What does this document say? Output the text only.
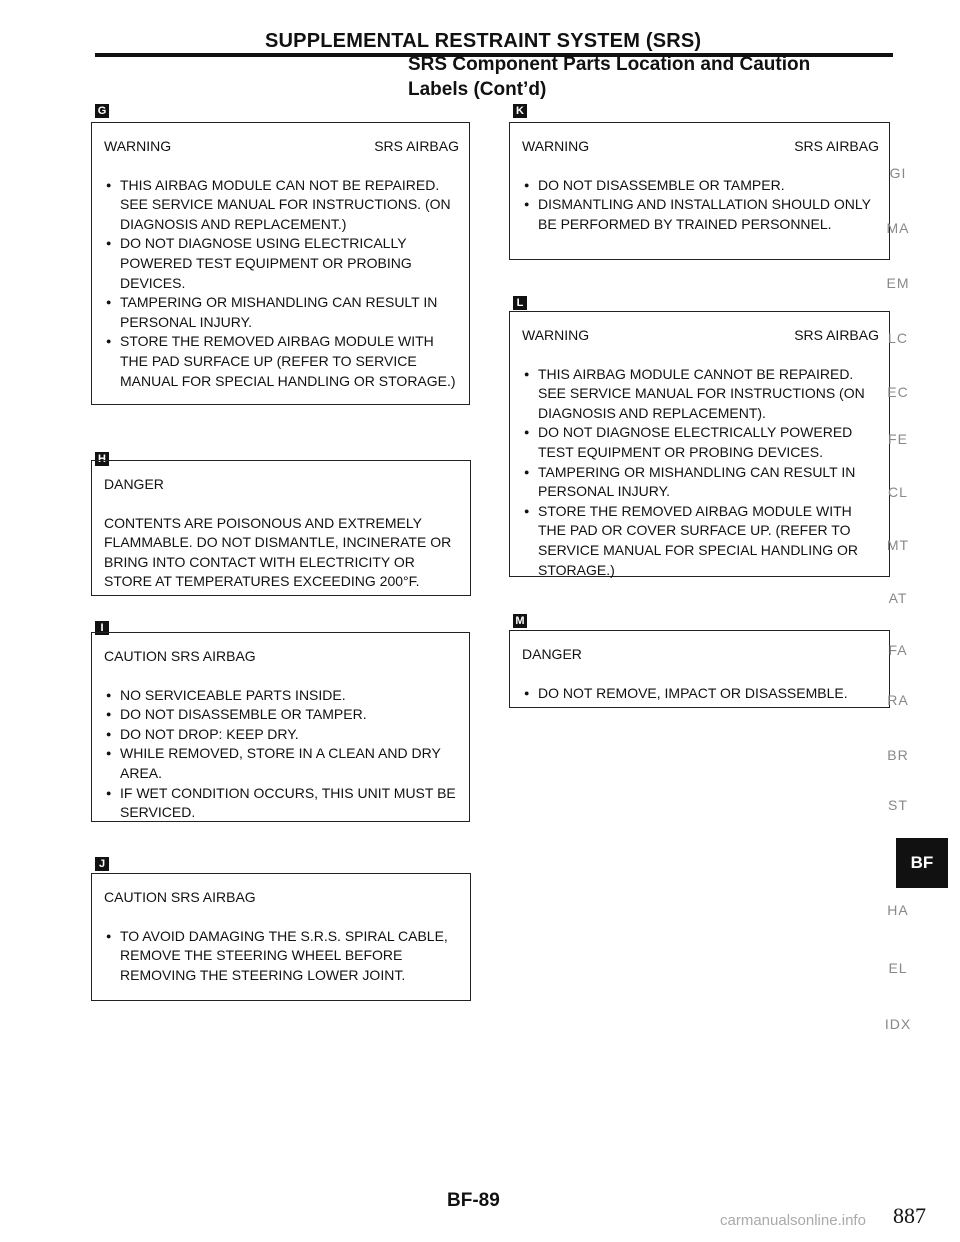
SUPPLEMENTAL RESTRAINT SYSTEM (SRS)
SRS Component Parts Location and Caution
Labels (Cont’d)
G
WARNING	SRS AIRBAG
● THIS AIRBAG MODULE CAN NOT BE REPAIRED. SEE SERVICE MANUAL FOR INSTRUCTIONS. (ON DIAGNOSIS AND REPLACEMENT.)
● DO NOT DIAGNOSE USING ELECTRICALLY POWERED TEST EQUIPMENT OR PROBING DEVICES.
● TAMPERING OR MISHANDLING CAN RESULT IN PERSONAL INJURY.
● STORE THE REMOVED AIRBAG MODULE WITH THE PAD SURFACE UP (REFER TO SERVICE MANUAL FOR SPECIAL HANDLING OR STORAGE.)
H
DANGER
CONTENTS ARE POISONOUS AND EXTREMELY FLAMMABLE. DO NOT DISMANTLE, INCINERATE OR BRING INTO CONTACT WITH ELECTRICITY OR STORE AT TEMPERATURES EXCEEDING 200°F.
I
CAUTION SRS AIRBAG
● NO SERVICEABLE PARTS INSIDE.
● DO NOT DISASSEMBLE OR TAMPER.
● DO NOT DROP: KEEP DRY.
● WHILE REMOVED, STORE IN A CLEAN AND DRY AREA.
● IF WET CONDITION OCCURS, THIS UNIT MUST BE SERVICED.
J
CAUTION SRS AIRBAG
● TO AVOID DAMAGING THE S.R.S. SPIRAL CABLE, REMOVE THE STEERING WHEEL BEFORE REMOVING THE STEERING LOWER JOINT.
K
WARNING	SRS AIRBAG
● DO NOT DISASSEMBLE OR TAMPER.
● DISMANTLING AND INSTALLATION SHOULD ONLY BE PERFORMED BY TRAINED PERSONNEL.
L
WARNING	SRS AIRBAG
● THIS AIRBAG MODULE CANNOT BE REPAIRED. SEE SERVICE MANUAL FOR INSTRUCTIONS (ON DIAGNOSIS AND REPLACEMENT).
● DO NOT DIAGNOSE ELECTRICALLY POWERED TEST EQUIPMENT OR PROBING DEVICES.
● TAMPERING OR MISHANDLING CAN RESULT IN PERSONAL INJURY.
● STORE THE REMOVED AIRBAG MODULE WITH THE PAD OR COVER SURFACE UP. (REFER TO SERVICE MANUAL FOR SPECIAL HANDLING OR STORAGE.)
M
DANGER
● DO NOT REMOVE, IMPACT OR DISASSEMBLE.
GI
MA
EM
LC
EC
FE
CL
MT
AT
FA
RA
BR
ST
BF
HA
EL
IDX
BF-89
887
carmanualsonline.info
